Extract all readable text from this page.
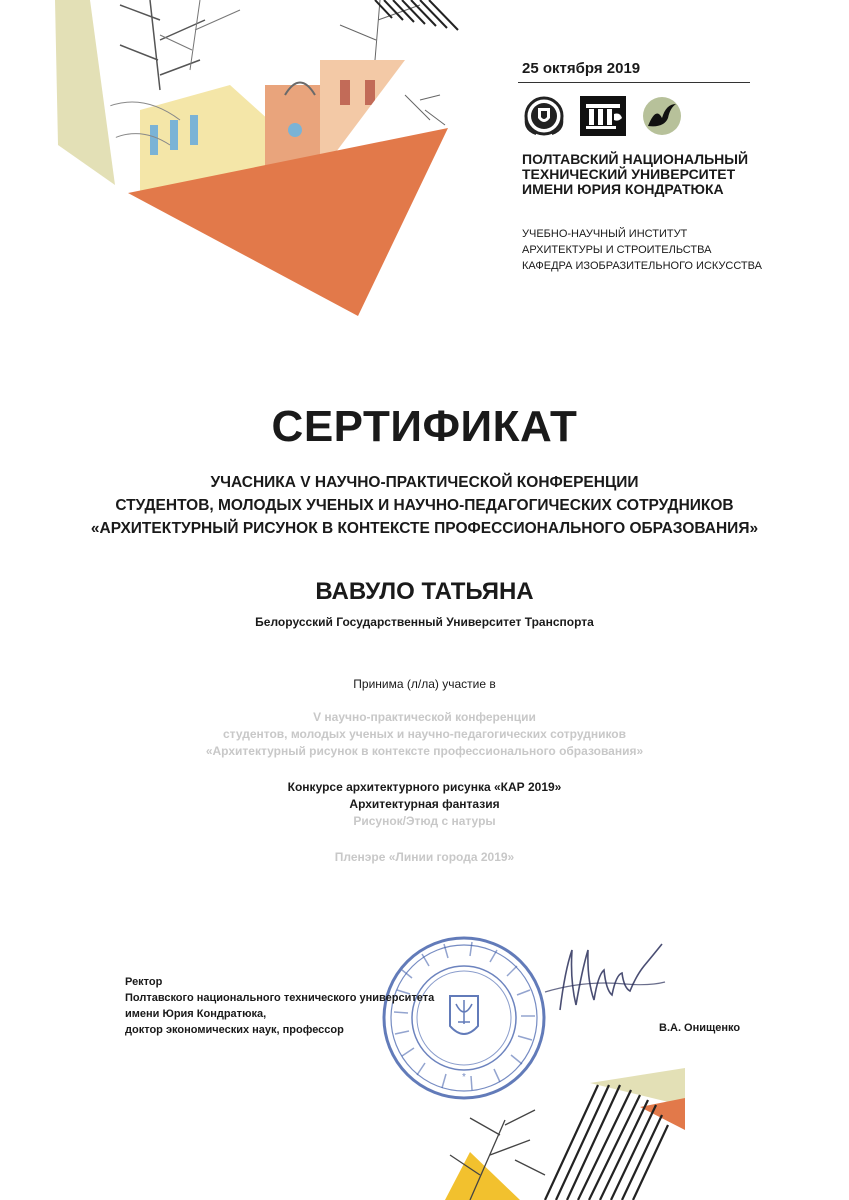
25 октября 2019
ПОЛТАВСКИЙ НАЦИОНАЛЬНЫЙ
ТЕХНИЧЕСКИЙ УНИВЕРСИТЕТ
ИМЕНИ ЮРИЯ КОНДРАТЮКА
УЧЕБНО-НАУЧНЫЙ ИНСТИТУТ
АРХИТЕКТУРЫ И СТРОИТЕЛЬСТВА
КАФЕДРА ИЗОБРАЗИТЕЛЬНОГО ИСКУССТВА
СЕРТИФИКАТ
УЧАСНИКА V НАУЧНО-ПРАКТИЧЕСКОЙ КОНФЕРЕНЦИИ
СТУДЕНТОВ, МОЛОДЫХ УЧЕНЫХ И НАУЧНО-ПЕДАГОГИЧЕСКИХ СОТРУДНИКОВ
«АРХИТЕКТУРНЫЙ РИСУНОК В КОНТЕКСТЕ ПРОФЕССИОНАЛЬНОГО ОБРАЗОВАНИЯ»
ВАВУЛО ТАТЬЯНА
Белорусский Государственный Университет Транспорта
Принима (л/ла) участие в
V научно-практической конференции
студентов, молодых ученых и научно-педагогических сотрудников
«Архитектурный рисунок в контексте профессионального образования»
Конкурсе архитектурного рисунка «КАР 2019»
Архитектурная фантазия
Рисунок/Этюд с натуры
Пленэре «Линии города 2019»
*
Ректор
Полтавского национального технического университета
имени Юрия Кондратюка,
доктор экономических наук, профессор	В.А. Онищенко
